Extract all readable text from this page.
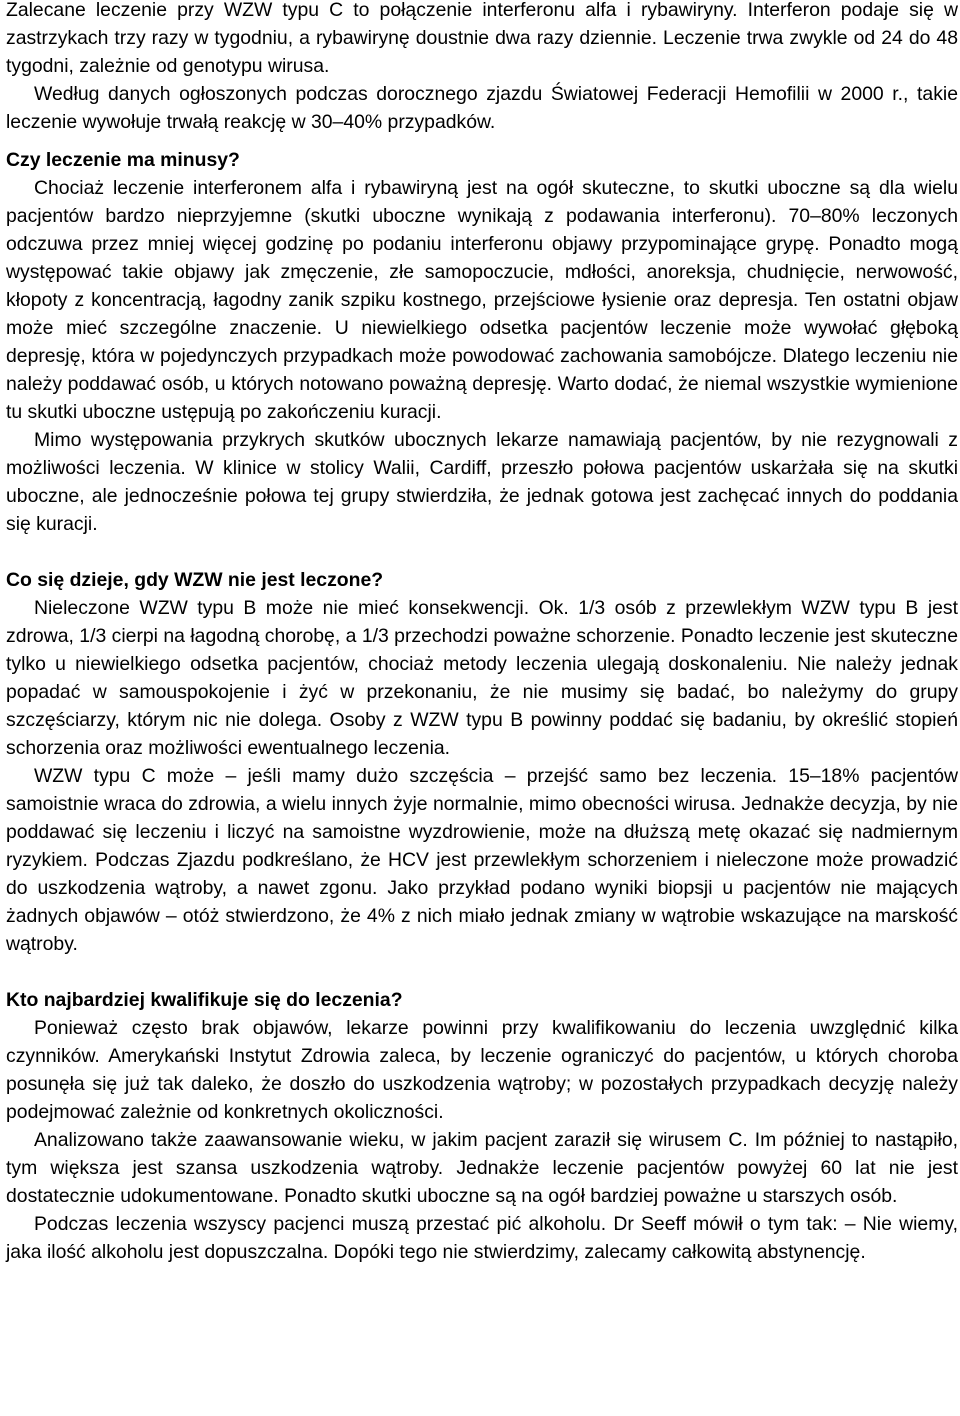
Zalecane leczenie przy WZW typu C to połączenie interferonu alfa i rybawiryny. Interferon podaje się w zastrzykach trzy razy w tygodniu, a rybawirynę doustnie dwa razy dziennie. Leczenie trwa zwykle od 24 do 48 tygodni, zależnie od genotypu wirusa.

Według danych ogłoszonych podczas dorocznego zjazdu Światowej Federacji Hemofilii w 2000 r., takie leczenie wywołuje trwałą reakcję w 30–40% przypadków.

Czy leczenie ma minusy?

Chociaż leczenie interferonem alfa i rybawiryną jest na ogół skuteczne, to skutki uboczne są dla wielu pacjentów bardzo nieprzyjemne (skutki uboczne wynikają z podawania interferonu). 70–80% leczonych odczuwa przez mniej więcej godzinę po podaniu interferonu objawy przypominające grypę. Ponadto mogą występować takie objawy jak zmęczenie, złe samopoczucie, mdłości, anoreksja, chudnięcie, nerwowość, kłopoty z koncentracją, łagodny zanik szpiku kostnego, przejściowe łysienie oraz depresja. Ten ostatni objaw może mieć szczególne znaczenie. U niewielkiego odsetka pacjentów leczenie może wywołać głęboką depresję, która w pojedynczych przypadkach może powodować zachowania samobójcze. Dlatego leczeniu nie należy poddawać osób, u których notowano poważną depresję. Warto dodać, że niemal wszystkie wymienione tu skutki uboczne ustępują po zakończeniu kuracji.

Mimo występowania przykrych skutków ubocznych lekarze namawiają pacjentów, by nie rezygnowali z możliwości leczenia. W klinice w stolicy Walii, Cardiff, przeszło połowa pacjentów uskarżała się na skutki uboczne, ale jednocześnie połowa tej grupy stwierdziła, że jednak gotowa jest zachęcać innych do poddania się kuracji.

Co się dzieje, gdy WZW nie jest leczone?

Nieleczone WZW typu B może nie mieć konsekwencji. Ok. 1/3 osób z przewlekłym WZW typu B jest zdrowa, 1/3 cierpi na łagodną chorobę, a 1/3 przechodzi poważne schorzenie. Ponadto leczenie jest skuteczne tylko u niewielkiego odsetka pacjentów, chociaż metody leczenia ulegają doskonaleniu. Nie należy jednak popadać w samouspokojenie i żyć w przekonaniu, że nie musimy się badać, bo należymy do grupy szczęściarzy, którym nic nie dolega. Osoby z WZW typu B powinny poddać się badaniu, by określić stopień schorzenia oraz możliwości ewentualnego leczenia.

WZW typu C może – jeśli mamy dużo szczęścia – przejść samo bez leczenia. 15–18% pacjentów samoistnie wraca do zdrowia, a wielu innych żyje normalnie, mimo obecności wirusa. Jednakże decyzja, by nie poddawać się leczeniu i liczyć na samoistne wyzdrowienie, może na dłuższą metę okazać się nadmiernym ryzykiem. Podczas Zjazdu podkreślano, że HCV jest przewlekłym schorzeniem i nieleczone może prowadzić do uszkodzenia wątroby, a nawet zgonu. Jako przykład podano wyniki biopsji u pacjentów nie mających żadnych objawów – otóż stwierdzono, że 4% z nich miało jednak zmiany w wątrobie wskazujące na marskość wątroby.

Kto najbardziej kwalifikuje się do leczenia?

Ponieważ często brak objawów, lekarze powinni przy kwalifikowaniu do leczenia uwzględnić kilka czynników. Amerykański Instytut Zdrowia zaleca, by leczenie ograniczyć do pacjentów, u których choroba posunęła się już tak daleko, że doszło do uszkodzenia wątroby; w pozostałych przypadkach decyzję należy podejmować zależnie od konkretnych okoliczności.

Analizowano także zaawansowanie wieku, w jakim pacjent zaraził się wirusem C. Im później to nastąpiło, tym większa jest szansa uszkodzenia wątroby. Jednakże leczenie pacjentów powyżej 60 lat nie jest dostatecznie udokumentowane. Ponadto skutki uboczne są na ogół bardziej poważne u starszych osób.

Podczas leczenia wszyscy pacjenci muszą przestać pić alkoholu. Dr Seeff mówił o tym tak: – Nie wiemy, jaka ilość alkoholu jest dopuszczalna. Dopóki tego nie stwierdzimy, zalecamy całkowitą abstynencję.
